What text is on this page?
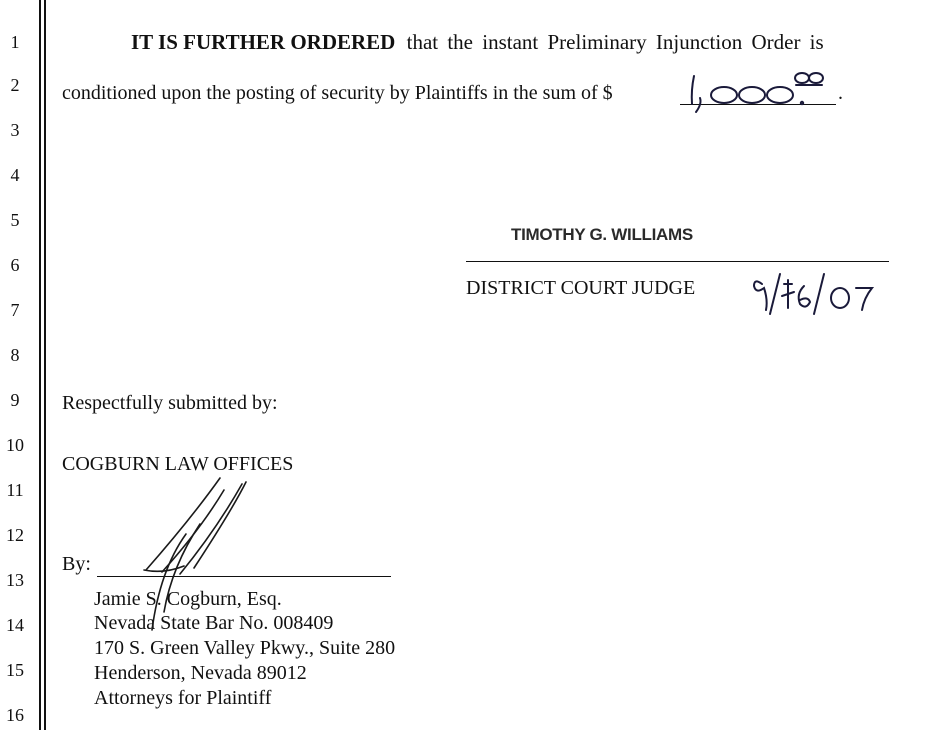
1
2
3
4
5
6
7
8
9
10
11
12
13
14
15
16
IT IS FURTHER ORDERED that the instant Preliminary Injunction Order is
conditioned upon the posting of security by Plaintiffs in the sum of $	.
TIMOTHY G. WILLIAMS
DISTRICT COURT JUDGE
Respectfully submitted by:
COGBURN LAW OFFICES
By:
Jamie S. Cogburn, Esq.
Nevada State Bar No. 008409
170 S. Green Valley Pkwy., Suite 280
Henderson, Nevada 89012
Attorneys for Plaintiff
